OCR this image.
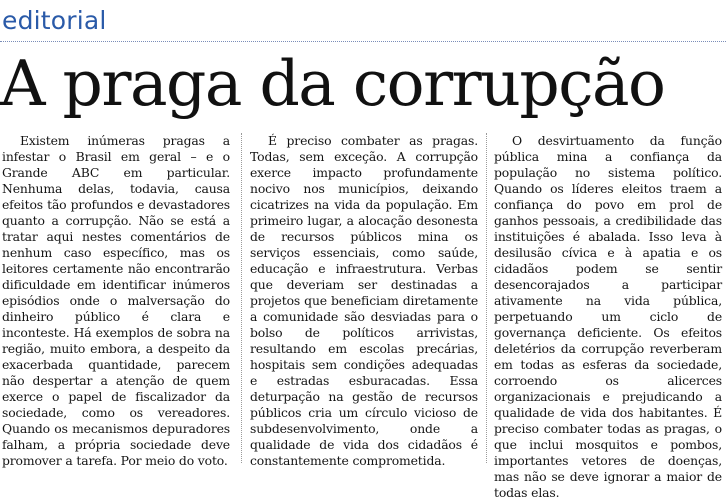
editorial
A praga da corrupção

Existem inúmeras pragas a infestar o Brasil em geral – e o Grande ABC em particular. Nenhuma delas, todavia, causa efeitos tão profundos e devastadores quanto a corrupção. Não se está a tratar aqui nestes comentários de nenhum caso específico, mas os leitores certamente não encontrarão dificuldade em identificar inúmeros episódios onde o malversação do dinheiro público é clara e inconteste. Há exemplos de sobra na região, muito embora, a despeito da exacerbada quantidade, parecem não despertar a atenção de quem exerce o papel de fiscalizador da sociedade, como os vereadores. Quando os mecanismos depuradores falham, a própria sociedade deve promover a tarefa. Por meio do voto.

É preciso combater as pragas. Todas, sem exceção. A corrupção exerce impacto profundamente nocivo nos municípios, deixando cicatrizes na vida da população. Em primeiro lugar, a alocação desonesta de recursos públicos mina os serviços essenciais, como saúde, educação e infraestrutura. Verbas que deveriam ser destinadas a projetos que beneficiam diretamente a comunidade são desviadas para o bolso de políticos arrivistas, resultando em escolas precárias, hospitais sem condições adequadas e estradas esburacadas. Essa deturpação na gestão de recursos públicos cria um círculo vicioso de subdesenvolvimento, onde a qualidade de vida dos cidadãos é constantemente comprometida.

O desvirtuamento da função pública mina a confiança da população no sistema político. Quando os líderes eleitos traem a confiança do povo em prol de ganhos pessoais, a credibilidade das instituições é abalada. Isso leva à desilusão cívica e à apatia e os cidadãos podem se sentir desencorajados a participar ativamente na vida pública, perpetuando um ciclo de governança deficiente. Os efeitos deletérios da corrupção reverberam em todas as esferas da sociedade, corroendo os alicerces organizacionais e prejudicando a qualidade de vida dos habitantes. É preciso combater todas as pragas, o que inclui mosquitos e pombos, importantes vetores de doenças, mas não se deve ignorar a maior de todas elas.
